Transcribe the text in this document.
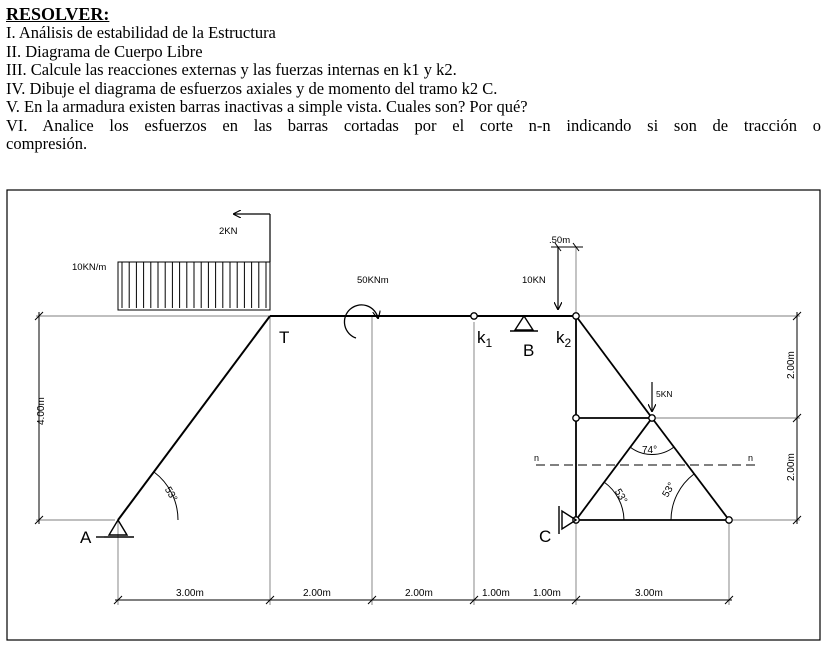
RESOLVER:
I. Análisis de estabilidad de la Estructura
II. Diagrama de Cuerpo Libre
III. Calcule las reacciones externas y las fuerzas internas en k1 y k2.
IV. Dibuje el diagrama de esfuerzos axiales y de momento del tramo k2 C.
V. En la armadura existen barras inactivas a simple vista. Cuales son? Por qué?
VI. Analice los esfuerzos en las barras cortadas por el corte n-n indicando si son de tracción o
compresión.
2KN
10KN/m
50KNm	10KN
5KN
A
T	$k_1$ B
$k_2$
C
53°
74°
53°	53°
n	n
.50m
3.00m	2.00m	2.00m	1.00m 1.00m	3.00m
4.00m
2.00m
2.00m
